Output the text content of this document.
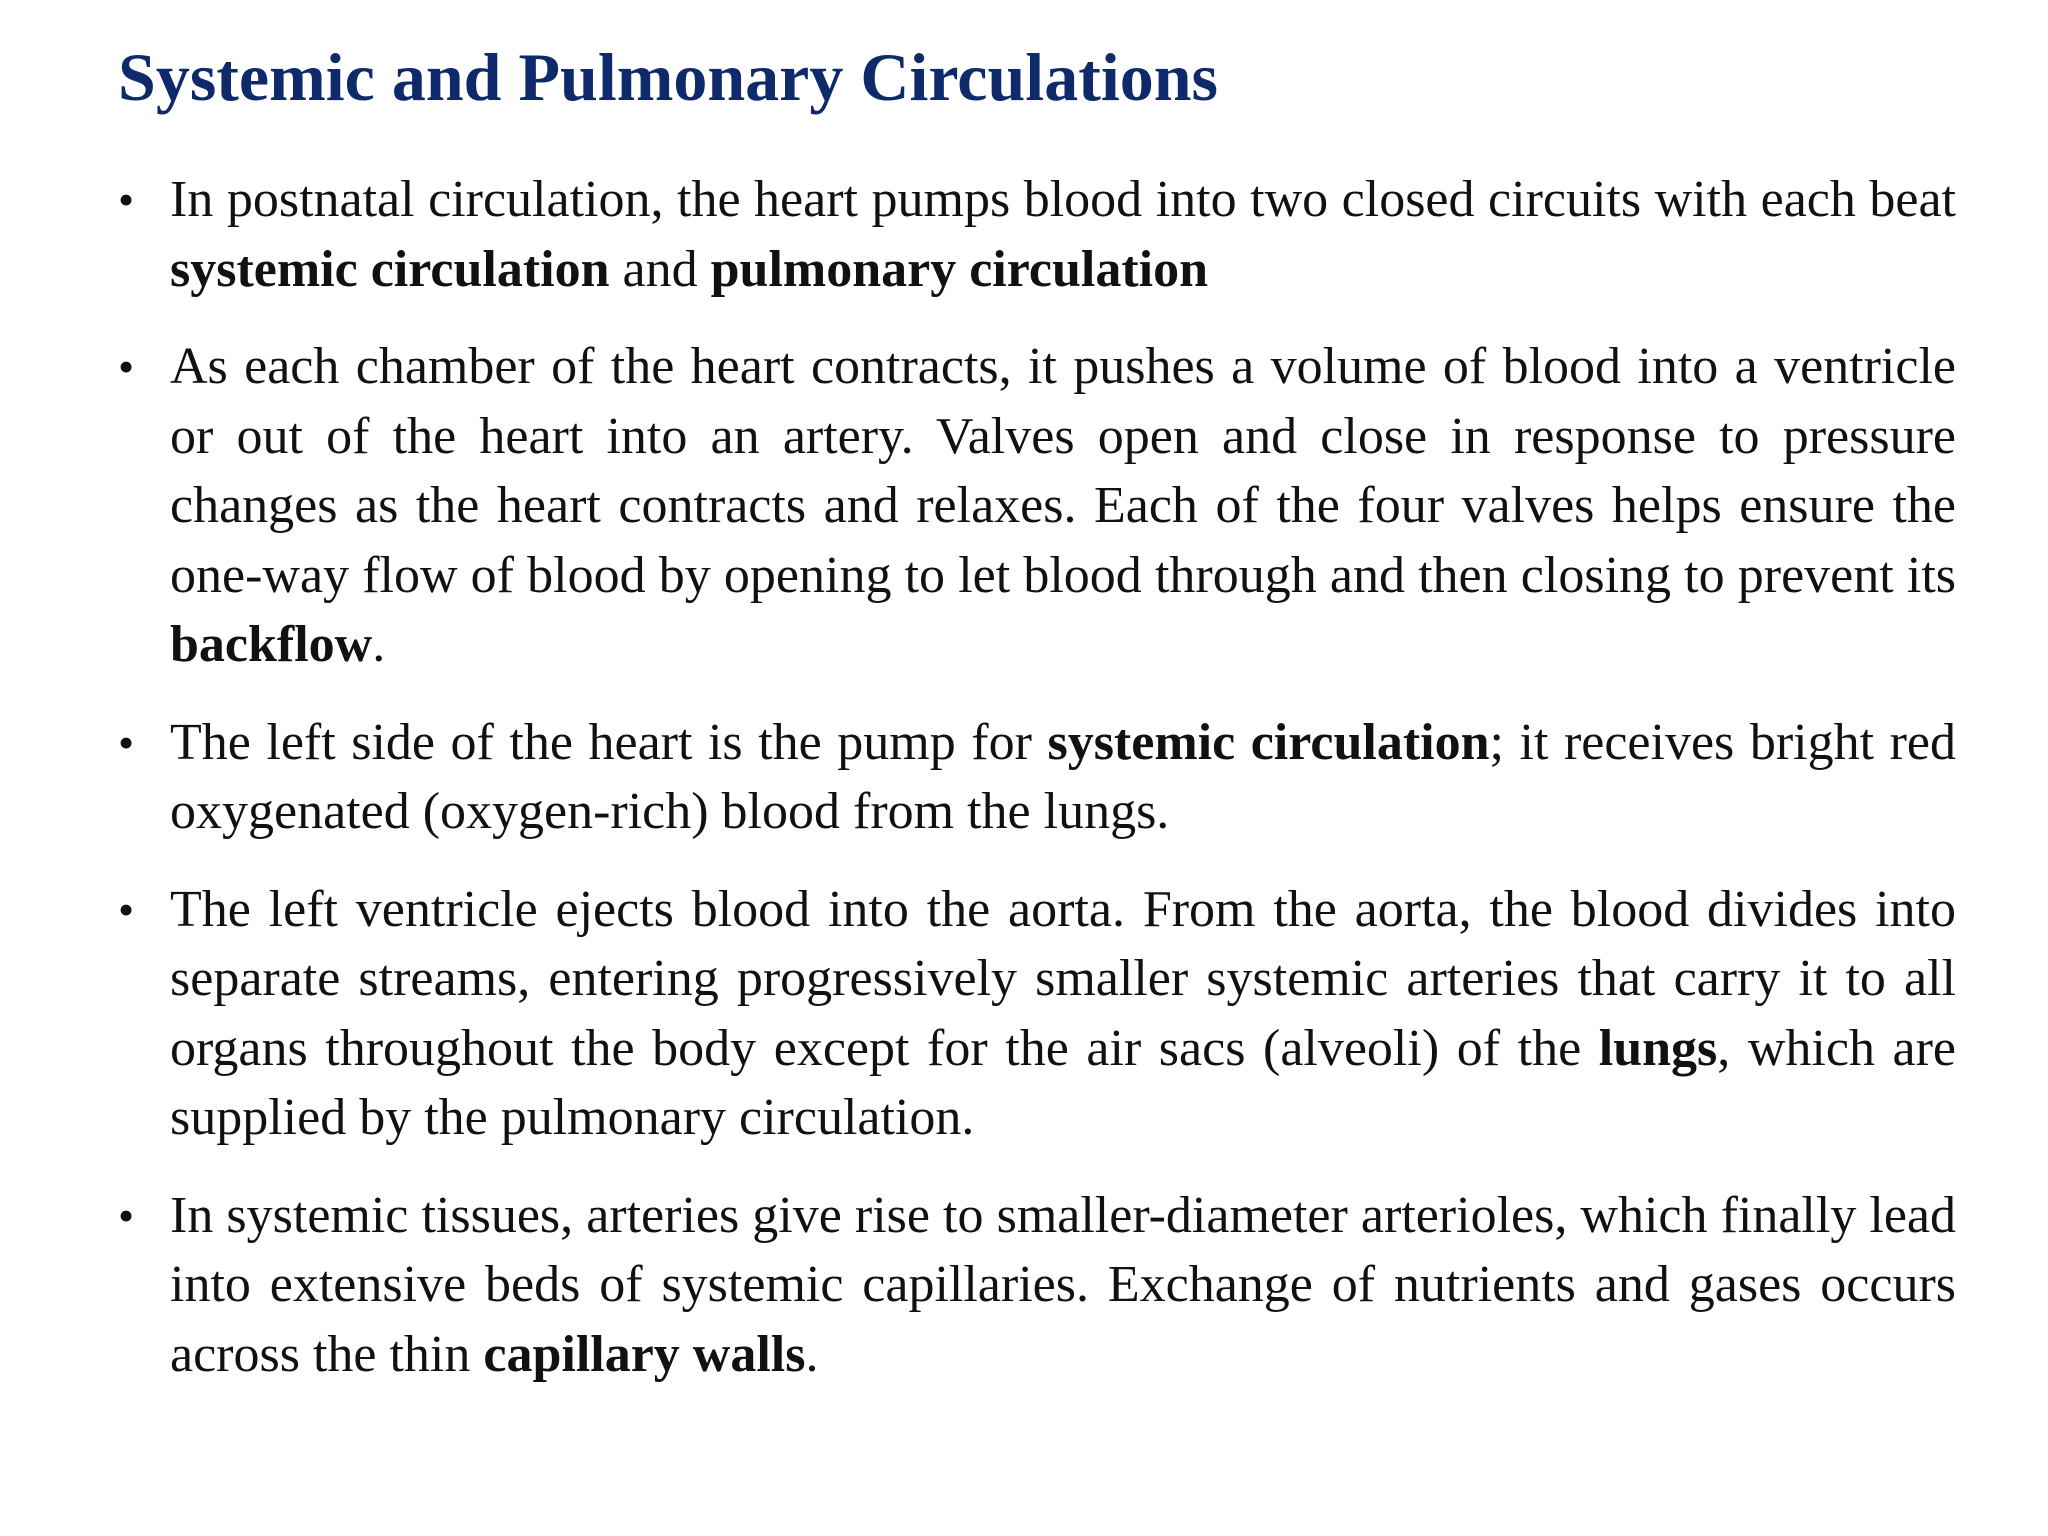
Systemic and Pulmonary Circulations
• In postnatal circulation, the heart pumps blood into two closed circuits with each beat systemic circulation and pulmonary circulation
• As each chamber of the heart contracts, it pushes a volume of blood into a ventricle or out of the heart into an artery. Valves open and close in response to pressure changes as the heart contracts and relaxes. Each of the four valves helps ensure the one-way flow of blood by opening to let blood through and then closing to prevent its backflow.
• The left side of the heart is the pump for systemic circulation; it receives bright red oxygenated (oxygen-rich) blood from the lungs.
• The left ventricle ejects blood into the aorta. From the aorta, the blood divides into separate streams, entering progressively smaller systemic arteries that carry it to all organs throughout the body except for the air sacs (alveoli) of the lungs, which are supplied by the pulmonary circulation.
• In systemic tissues, arteries give rise to smaller-diameter arterioles, which finally lead into extensive beds of systemic capillaries. Exchange of nutrients and gases occurs across the thin capillary walls.
